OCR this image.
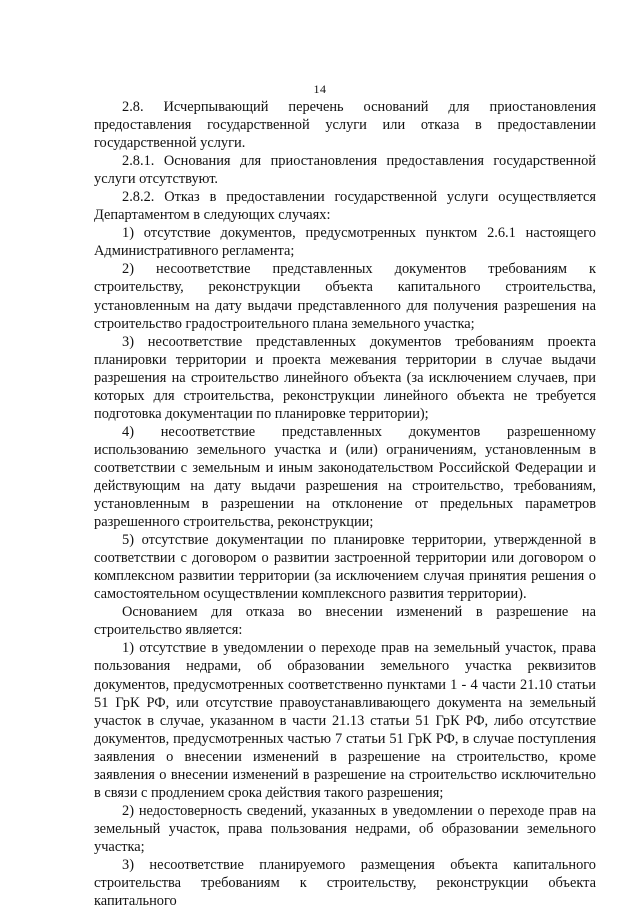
14

2.8. Исчерпывающий перечень оснований для приостановления предоставления государственной услуги или отказа в предоставлении государственной услуги.

2.8.1. Основания для приостановления предоставления государственной услуги отсутствуют.

2.8.2. Отказ в предоставлении государственной услуги осуществляется Департаментом в следующих случаях:

1) отсутствие документов, предусмотренных пунктом 2.6.1 настоящего Административного регламента;

2) несоответствие представленных документов требованиям к строительству, реконструкции объекта капитального строительства, установленным на дату выдачи представленного для получения разрешения на строительство градостроительного плана земельного участка;

3) несоответствие представленных документов требованиям проекта планировки территории и проекта межевания территории в случае выдачи разрешения на строительство линейного объекта (за исключением случаев, при которых для строительства, реконструкции линейного объекта не требуется подготовка документации по планировке территории);

4) несоответствие представленных документов разрешенному использованию земельного участка и (или) ограничениям, установленным в соответствии с земельным и иным законодательством Российской Федерации и действующим на дату выдачи разрешения на строительство, требованиям, установленным в разрешении на отклонение от предельных параметров разрешенного строительства, реконструкции;

5) отсутствие документации по планировке территории, утвержденной в соответствии с договором о развитии застроенной территории или договором о комплексном развитии территории (за исключением случая принятия решения о самостоятельном осуществлении комплексного развития территории).

Основанием для отказа во внесении изменений в разрешение на строительство является:

1) отсутствие в уведомлении о переходе прав на земельный участок, права пользования недрами, об образовании земельного участка реквизитов документов, предусмотренных соответственно пунктами 1 - 4 части 21.10 статьи 51 ГрК РФ, или отсутствие правоустанавливающего документа на земельный участок в случае, указанном в части 21.13 статьи 51 ГрК РФ, либо отсутствие документов, предусмотренных частью 7 статьи 51 ГрК РФ, в случае поступления заявления о внесении изменений в разрешение на строительство, кроме заявления о внесении изменений в разрешение на строительство исключительно в связи с продлением срока действия такого разрешения;

2) недостоверность сведений, указанных в уведомлении о переходе прав на земельный участок, права пользования недрами, об образовании земельного участка;

3) несоответствие планируемого размещения объекта капитального строительства требованиям к строительству, реконструкции объекта капитального
